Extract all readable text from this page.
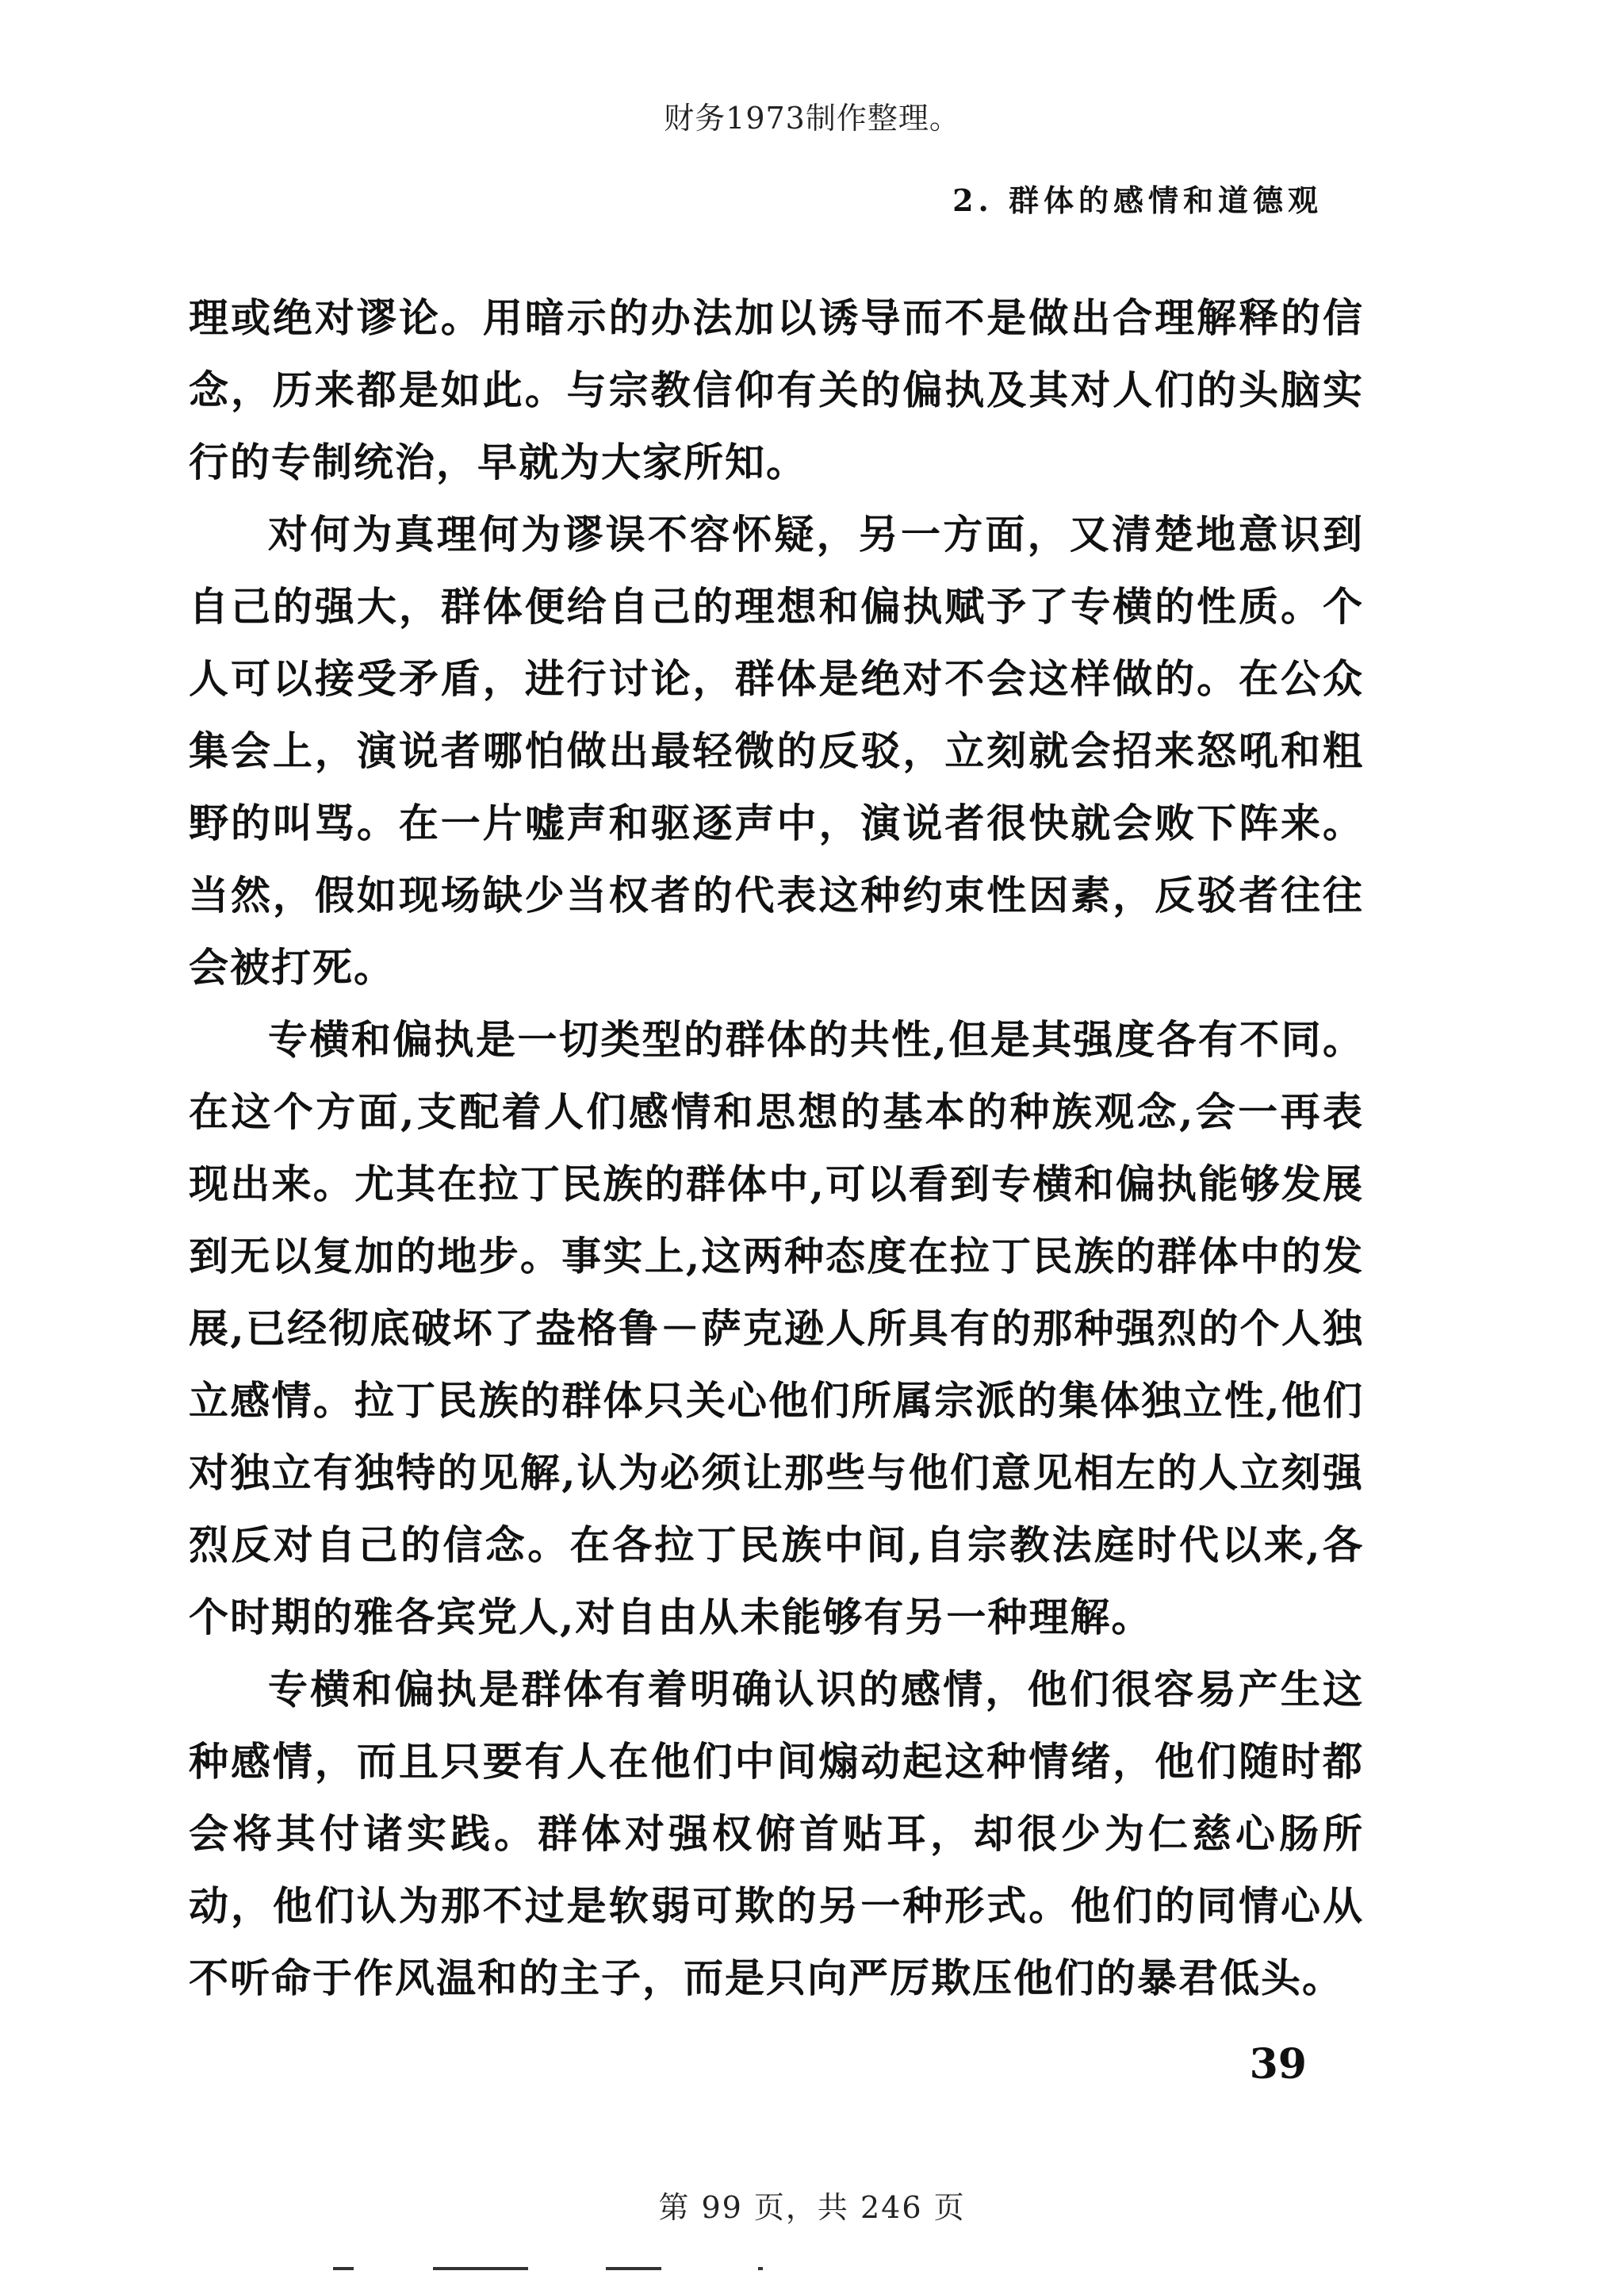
财务1973制作整理。
2. 群体的感情和道德观

理或绝对谬论。用暗示的办法加以诱导而不是做出合理解释的信念，历来都是如此。与宗教信仰有关的偏执及其对人们的头脑实行的专制统治，早就为大家所知。

对何为真理何为谬误不容怀疑，另一方面，又清楚地意识到自己的强大，群体便给自己的理想和偏执赋予了专横的性质。个人可以接受矛盾，进行讨论，群体是绝对不会这样做的。在公众集会上，演说者哪怕做出最轻微的反驳，立刻就会招来怒吼和粗野的叫骂。在一片嘘声和驱逐声中，演说者很快就会败下阵来。当然，假如现场缺少当权者的代表这种约束性因素，反驳者往往会被打死。

专横和偏执是一切类型的群体的共性,但是其强度各有不同。在这个方面,支配着人们感情和思想的基本的种族观念,会一再表现出来。尤其在拉丁民族的群体中,可以看到专横和偏执能够发展到无以复加的地步。事实上,这两种态度在拉丁民族的群体中的发展,已经彻底破坏了盎格鲁－萨克逊人所具有的那种强烈的个人独立感情。拉丁民族的群体只关心他们所属宗派的集体独立性,他们对独立有独特的见解,认为必须让那些与他们意见相左的人立刻强烈反对自己的信念。在各拉丁民族中间,自宗教法庭时代以来,各个时期的雅各宾党人,对自由从未能够有另一种理解。

专横和偏执是群体有着明确认识的感情，他们很容易产生这种感情，而且只要有人在他们中间煽动起这种情绪，他们随时都会将其付诸实践。群体对强权俯首贴耳，却很少为仁慈心肠所动，他们认为那不过是软弱可欺的另一种形式。他们的同情心从不听命于作风温和的主子，而是只向严厉欺压他们的暴君低头。

39
第 99 页，共 246 页
